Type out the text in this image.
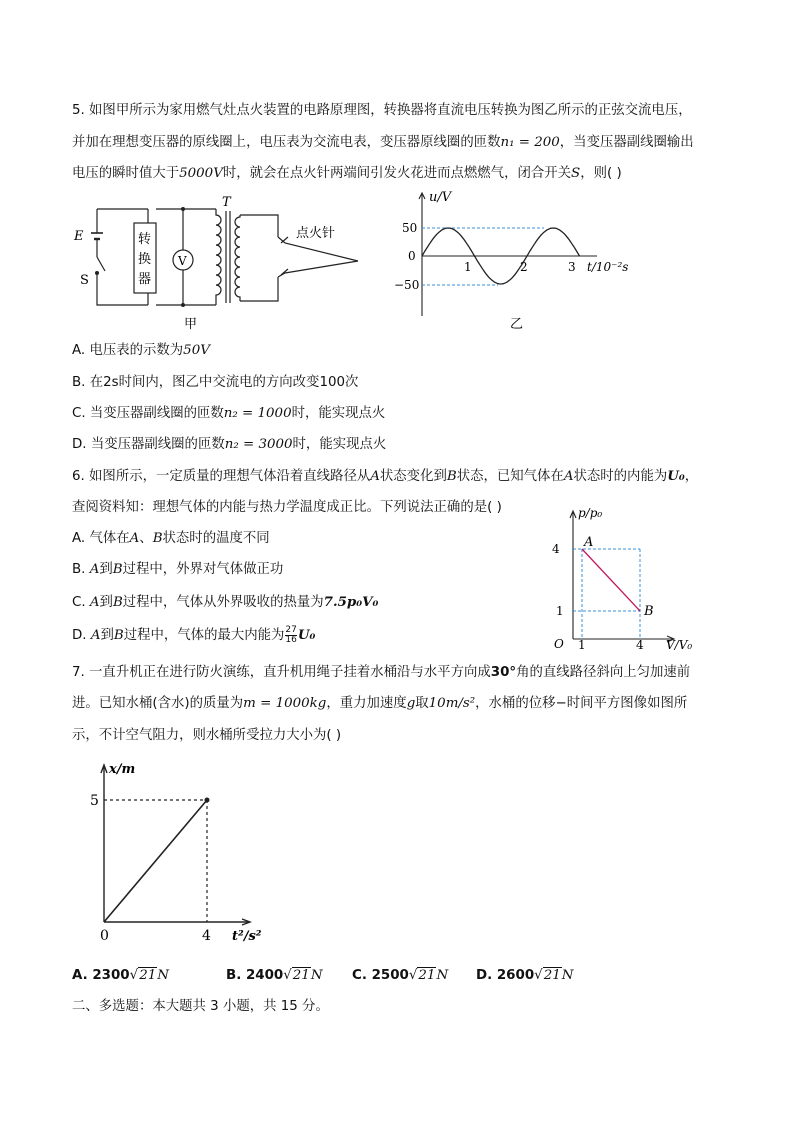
5. 如图甲所示为家用燃气灶点火装置的电路原理图，转换器将直流电压转换为图乙所示的正弦交流电压，
并加在理想变压器的原线圈上，电压表为交流电表，变压器原线圈的匝数n₁ = 200，当变压器副线圈输出
电压的瞬时值大于5000V时，就会在点火针两端间引发火花进而点燃燃气，闭合开关S，则( )
E
S
转
换
器
V
T
点火针
甲
u/V
50
0
−50
1	2	3 t/10⁻²s
乙
A. 电压表的示数为50V
B. 在2s时间内，图乙中交流电的方向改变100次
C. 当变压器副线圈的匝数n₂ = 1000时，能实现点火
D. 当变压器副线圈的匝数n₂ = 3000时，能实现点火
6. 如图所示，一定质量的理想气体沿着直线路径从A状态变化到B状态，已知气体在A状态时的内能为U₀，
查阅资料知：理想气体的内能与热力学温度成正比。下列说法正确的是( )
A. 气体在A、B状态时的温度不同
B. A到B过程中，外界对气体做正功
C. A到B过程中，气体从外界吸收的热量为7.5p₀V₀
D. A到B过程中，气体的最大内能为 $\frac{27}{16} U_0$
p/p₀
A
B
4
1
O 1	4 V/V₀
7. 一直升机正在进行防火演练，直升机用绳子挂着水桶沿与水平方向成30°角的直线路径斜向上匀加速前
进。已知水桶(含水)的质量为m = 1000kg，重力加速度g取10m/s²，水桶的位移−时间平方图像如图所
示，不计空气阻力，则水桶所受拉力大小为( )
x/m
5
0	4 t²/s²
A. 2300√21N	B. 2400√21N C. 2500√21N D. 2600√21N
二、多选题：本大题共 3 小题，共 15 分。
